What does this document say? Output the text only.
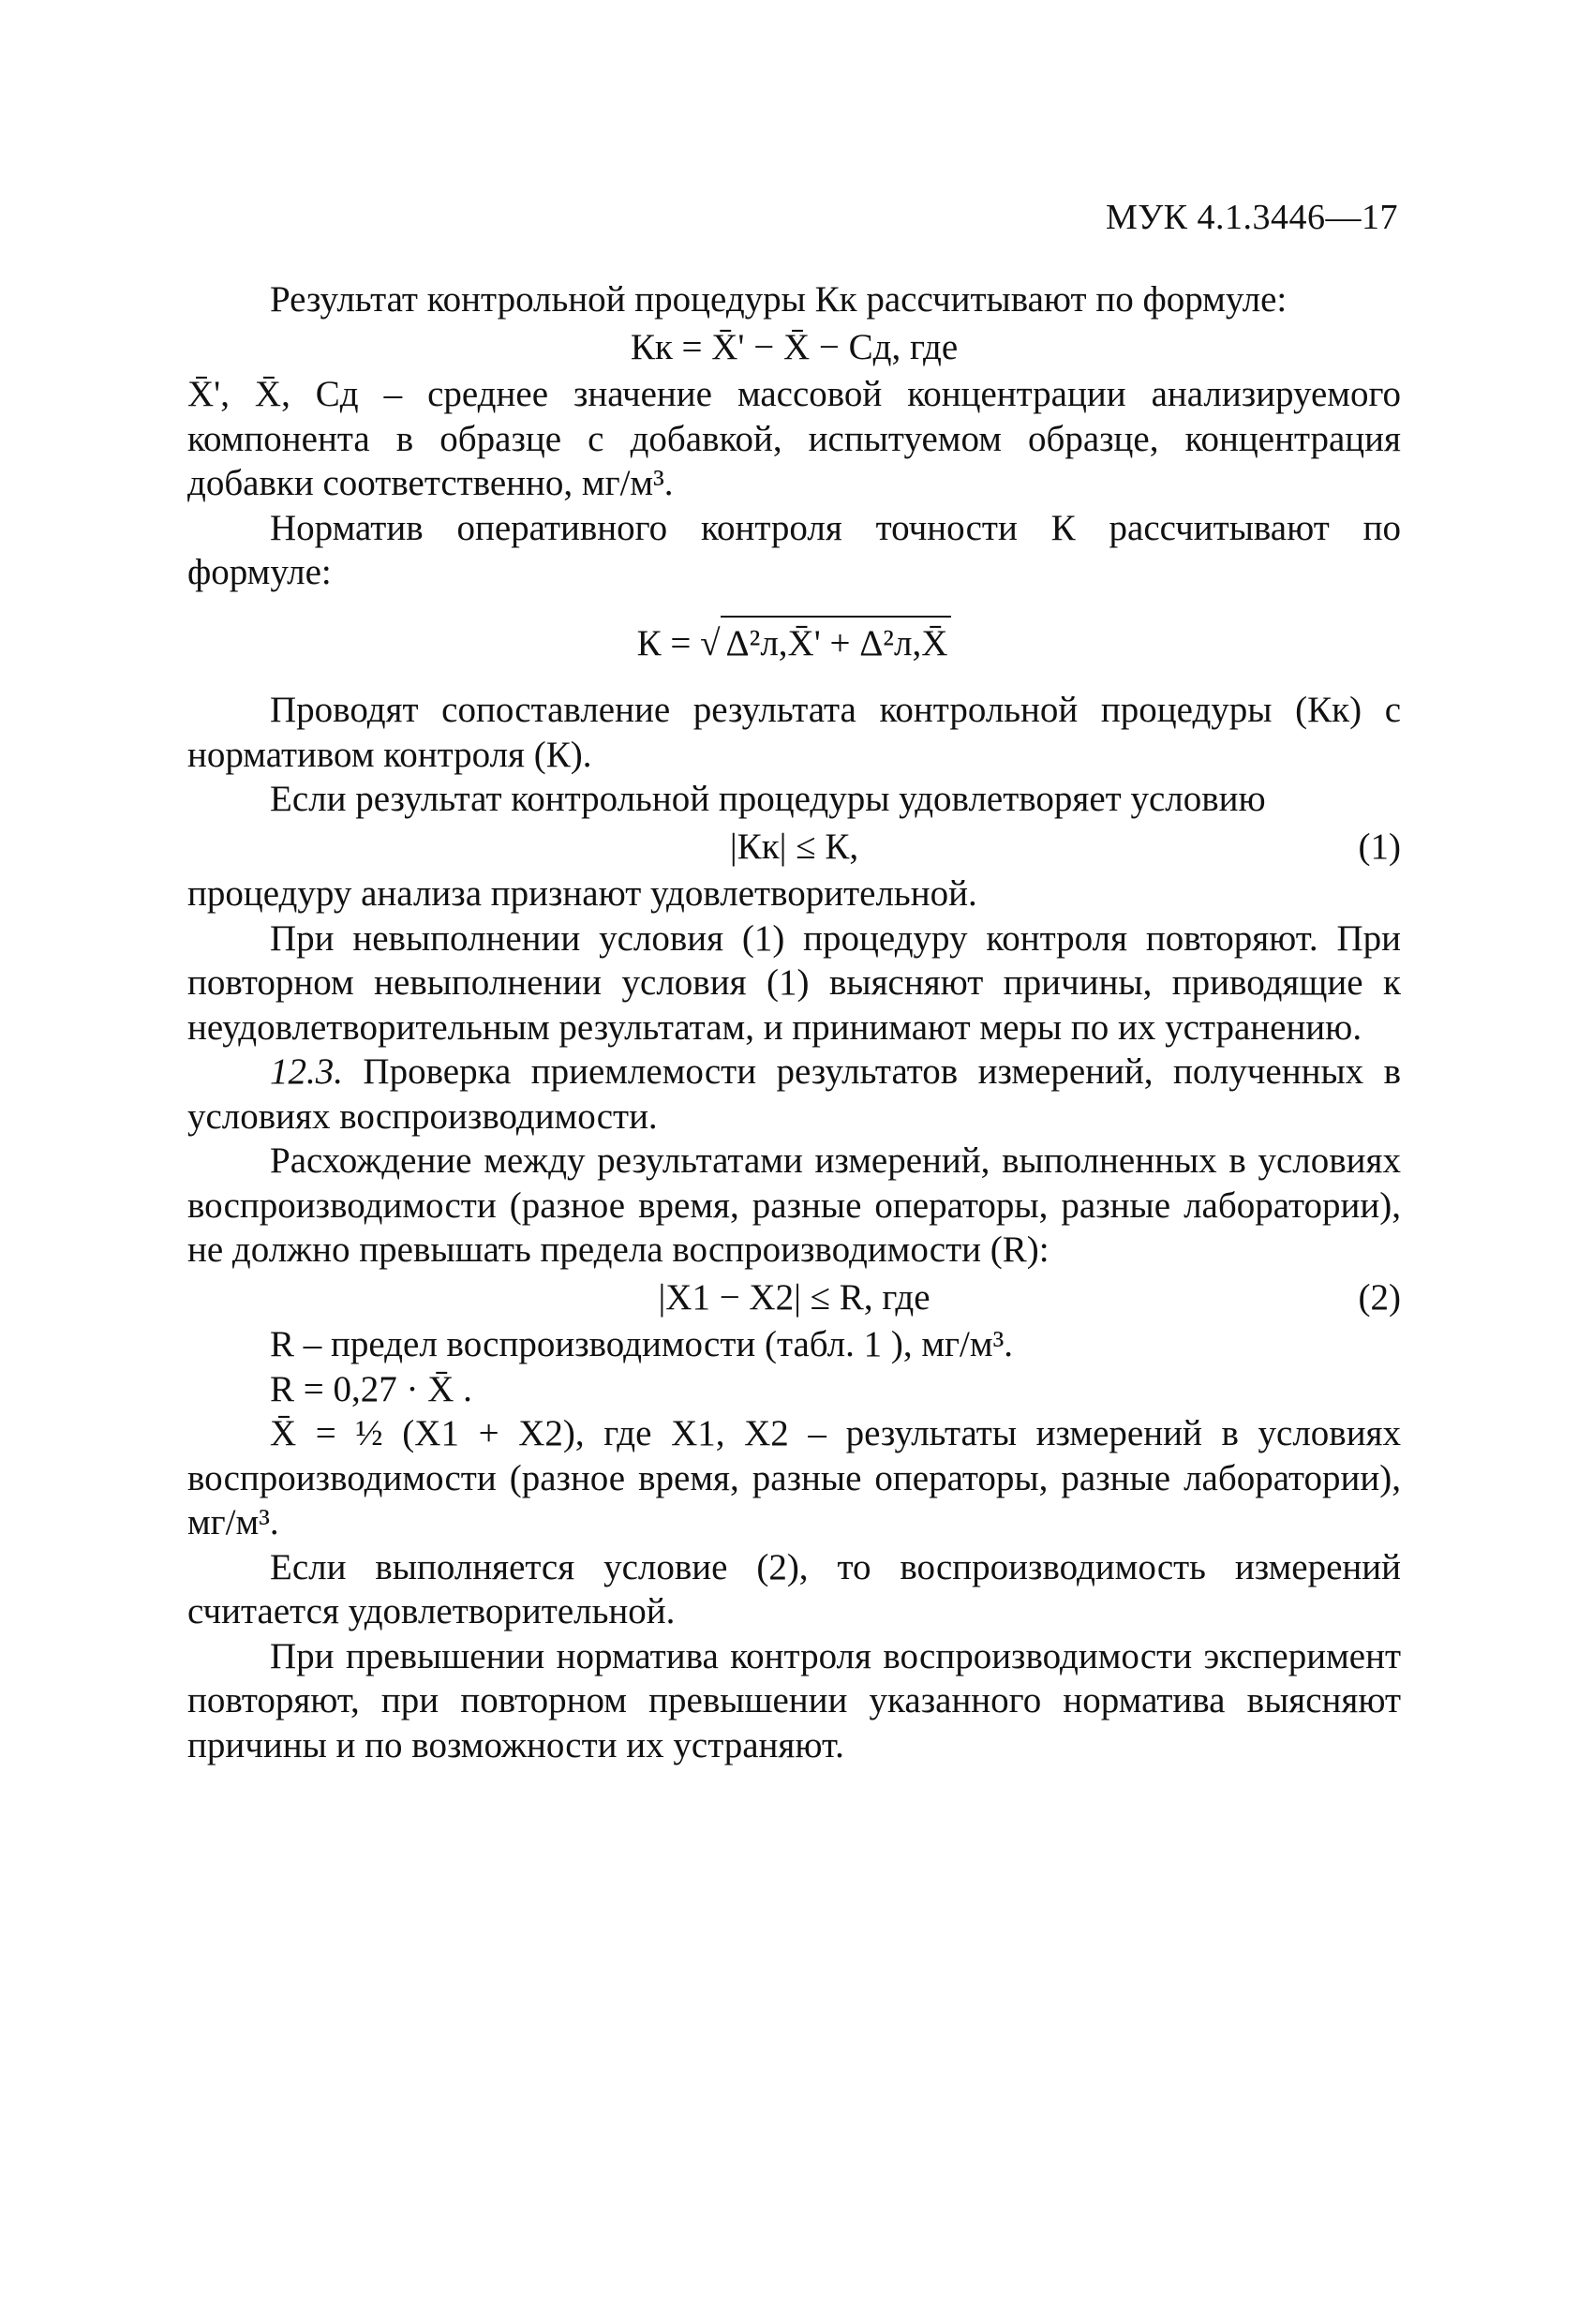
МУК 4.1.3446—17

Результат контрольной процедуры Кк рассчитывают по формуле:

Кк = X̄' − X̄ − Cд, где

X̄', X̄, Cд – среднее значение массовой концентрации анализируемого компонента в образце с добавкой, испытуемом образце, концентрация добавки соответственно, мг/м³.

Норматив оперативного контроля точности К рассчитывают по формуле:

К = √ Δ²л,X̄' + Δ²л,X̄

Проводят сопоставление результата контрольной процедуры (Кк) с нормативом контроля (К).

Если результат контрольной процедуры удовлетворяет условию

|Кк| ≤ К,	(1)

процедуру анализа признают удовлетворительной.

При невыполнении условия (1) процедуру контроля повторяют. При повторном невыполнении условия (1) выясняют причины, приводящие к неудовлетворительным результатам, и принимают меры по их устранению.

12.3. Проверка приемлемости результатов измерений, полученных в условиях воспроизводимости.

Расхождение между результатами измерений, выполненных в условиях воспроизводимости (разное время, разные операторы, разные лаборатории), не должно превышать предела воспроизводимости (R):

|X1 − X2| ≤ R, где	(2)

R – предел воспроизводимости (табл. 1 ), мг/м³.

R = 0,27 · X̄ .

X̄ = ½ (X1 + X2), где X1, X2 – результаты измерений в условиях воспроизводимости (разное время, разные операторы, разные лаборатории), мг/м³.

Если выполняется условие (2), то воспроизводимость измерений считается удовлетворительной.

При превышении норматива контроля воспроизводимости эксперимент повторяют, при повторном превышении указанного норматива выясняют причины и по возможности их устраняют.
